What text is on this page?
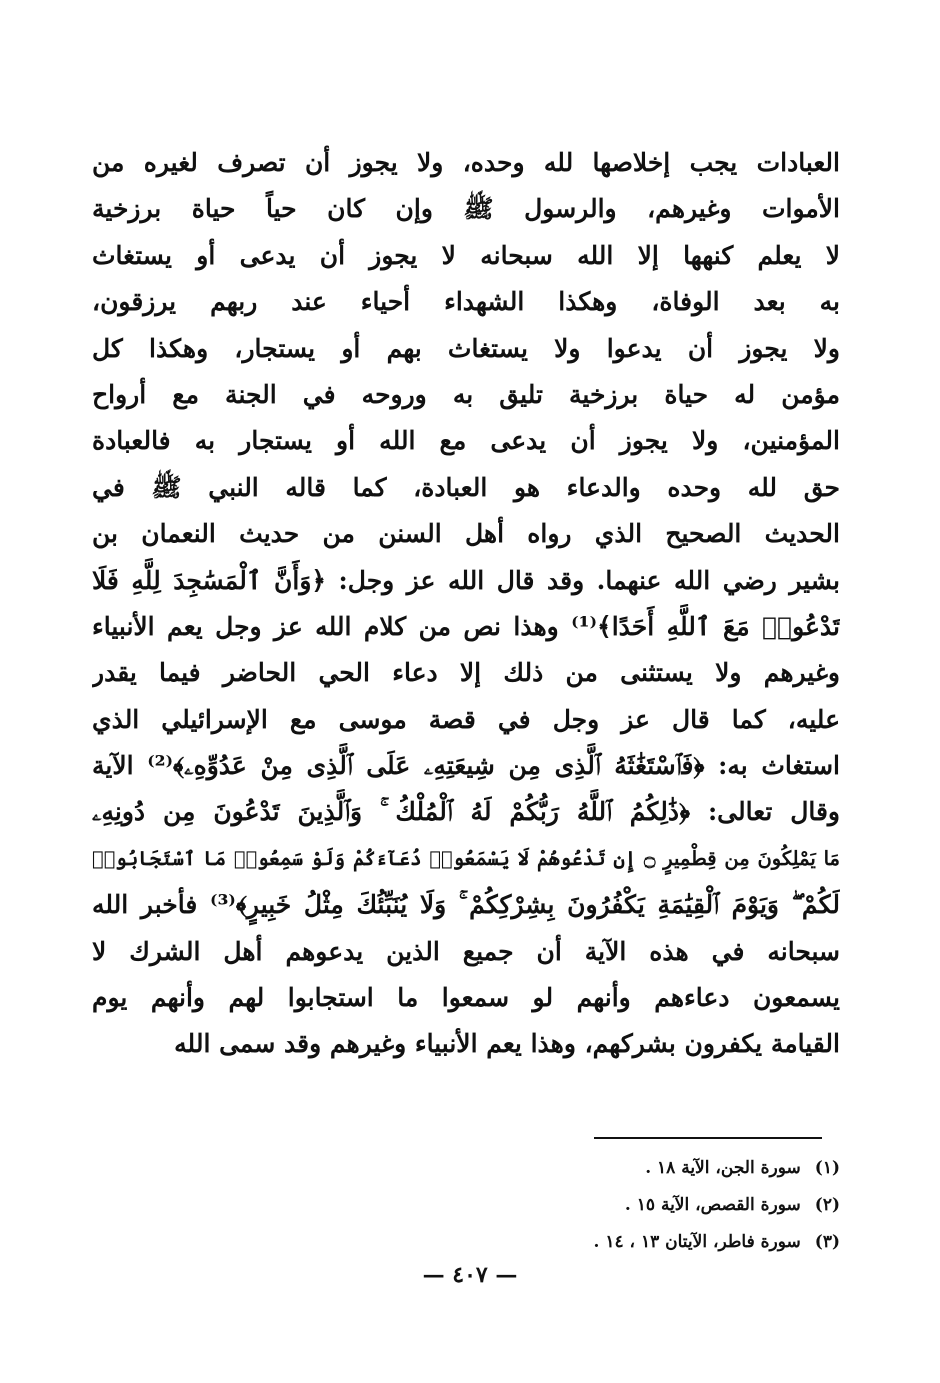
العبادات يجب إخلاصها لله وحده، ولا يجوز أن تصرف لغيره من
الأموات وغيرهم، والرسول ﷺ وإن كان حياً حياة برزخية
لا يعلم كنهها إلا الله سبحانه لا يجوز أن يدعى أو يستغاث
به بعد الوفاة، وهكذا الشهداء أحياء عند ربهم يرزقون،
ولا يجوز أن يدعوا ولا يستغاث بهم أو يستجار، وهكذا كل
مؤمن له حياة برزخية تليق به وروحه في الجنة مع أرواح
المؤمنين، ولا يجوز أن يدعى مع الله أو يستجار به فالعبادة
حق لله وحده والدعاء هو العبادة، كما قاله النبي ﷺ في
الحديث الصحيح الذي رواه أهل السنن من حديث النعمان بن
بشير رضي الله عنهما. وقد قال الله عز وجل: ﴿وَأَنَّ ٱلْمَسَٰجِدَ لِلَّهِ فَلَا
تَدْعُوا۟ مَعَ ٱللَّهِ أَحَدًا﴾⁽¹⁾ وهذا نص من كلام الله عز وجل يعم الأنبياء
وغيرهم ولا يستثنى من ذلك إلا دعاء الحي الحاضر فيما يقدر
عليه، كما قال عز وجل في قصة موسى مع الإسرائيلي الذي
استغاث به: ﴿فَٱسْتَغَٰثَهُ ٱلَّذِى مِن شِيعَتِهِۦ عَلَى ٱلَّذِى مِنْ عَدُوِّهِۦ﴾⁽²⁾ الآية
وقال تعالى: ﴿ذَٰلِكُمُ ٱللَّهُ رَبُّكُمْ لَهُ ٱلْمُلْكُ ۚ وَٱلَّذِينَ تَدْعُونَ مِن دُونِهِۦ
مَا يَمْلِكُونَ مِن قِطْمِيرٍ ۝ إِن تَدْعُوهُمْ لَا يَسْمَعُوا۟ دُعَآءَكُمْ وَلَوْ سَمِعُوا۟ مَا ٱسْتَجَابُوا۟
لَكُمْ ۖ وَيَوْمَ ٱلْقِيَٰمَةِ يَكْفُرُونَ بِشِرْكِكُمْ ۚ وَلَا يُنَبِّئُكَ مِثْلُ خَبِيرٍ﴾⁽³⁾ فأخبر الله
سبحانه في هذه الآية أن جميع الذين يدعوهم أهل الشرك لا
يسمعون دعاءهم وأنهم لو سمعوا ما استجابوا لهم وأنهم يوم
القيامة يكفرون بشركهم، وهذا يعم الأنبياء وغيرهم وقد سمى الله
(١)سورة الجن، الآية ١٨ .
(٢)سورة القصص، الآية ١٥ .
(٣)سورة فاطر، الآيتان ١٣ ، ١٤ .
— ٤٠٧ —
